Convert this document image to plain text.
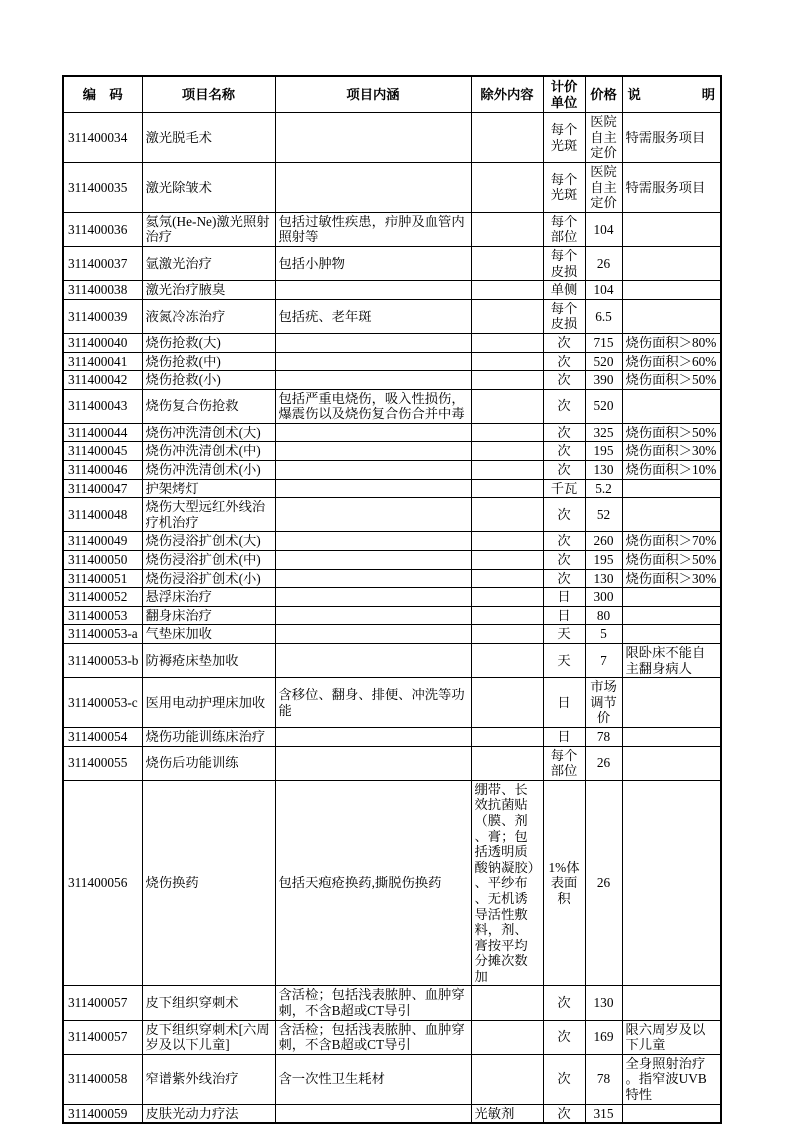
编　码	项目名称	项目内涵	除外内容	计价单位	价格	说明
311400034	激光脱毛术			每个光斑	医院自主定价	特需服务项目
311400035	激光除皱术			每个光斑	医院自主定价	特需服务项目
311400036	氦氖(He-Ne)激光照射治疗	包括过敏性疾患，疖肿及血管内照射等		每个部位	104	
311400037	氩激光治疗	包括小肿物		每个皮损	26	
311400038	激光治疗腋臭			单侧	104	
311400039	液氮冷冻治疗	包括疣、老年斑		每个皮损	6.5	
311400040	烧伤抢救(大)			次	715	烧伤面积＞80%
311400041	烧伤抢救(中)			次	520	烧伤面积＞60%
311400042	烧伤抢救(小)			次	390	烧伤面积＞50%
311400043	烧伤复合伤抢救	包括严重电烧伤，吸入性损伤，爆震伤以及烧伤复合伤合并中毒		次	520	
311400044	烧伤冲洗清创术(大)			次	325	烧伤面积＞50%
311400045	烧伤冲洗清创术(中)			次	195	烧伤面积＞30%
311400046	烧伤冲洗清创术(小)			次	130	烧伤面积＞10%
311400047	护架烤灯			千瓦	5.2	
311400048	烧伤大型远红外线治疗机治疗			次	52	
311400049	烧伤浸浴扩创术(大)			次	260	烧伤面积＞70%
311400050	烧伤浸浴扩创术(中)			次	195	烧伤面积＞50%
311400051	烧伤浸浴扩创术(小)			次	130	烧伤面积＞30%
311400052	悬浮床治疗			日	300	
311400053	翻身床治疗			日	80	
311400053-a	气垫床加收			天	5	
311400053-b	防褥疮床垫加收			天	7	限卧床不能自主翻身病人
311400053-c	医用电动护理床加收	含移位、翻身、排便、冲洗等功能		日	市场调节价	
311400054	烧伤功能训练床治疗			日	78	
311400055	烧伤后功能训练			每个部位	26	
311400056	烧伤换药	包括天疱疮换药,撕脱伤换药	绷带、长效抗菌贴（膜、剂、膏；包括透明质酸钠凝胶）、平纱布、无机诱导活性敷料，剂、膏按平均分摊次数加	1%体表面积	26	
311400057	皮下组织穿刺术	含活检；包括浅表脓肿、血肿穿刺，不含B超或CT导引		次	130	
311400057	皮下组织穿刺术[六周岁及以下儿童]	含活检；包括浅表脓肿、血肿穿刺，不含B超或CT导引		次	169	限六周岁及以下儿童
311400058	窄谱紫外线治疗	含一次性卫生耗材		次	78	全身照射治疗。指窄波UVB特性
311400059	皮肤光动力疗法		光敏剂	次	315	
